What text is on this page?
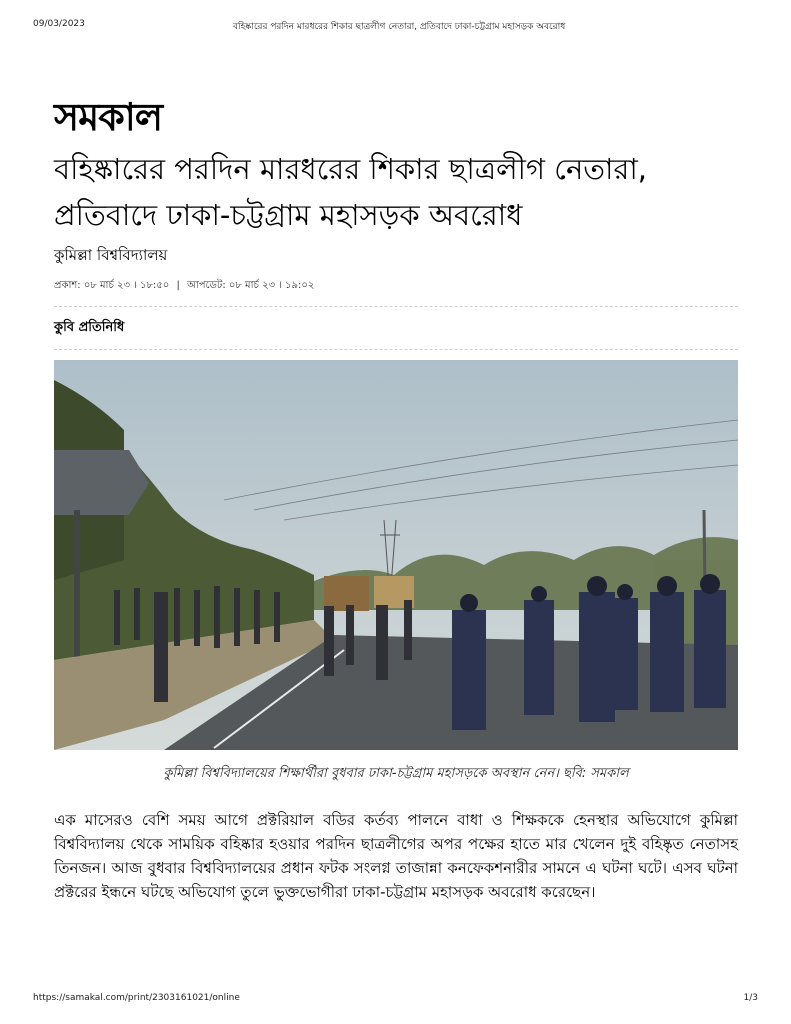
09/03/2023	বহিষ্কারের পরদিন মারধরের শিকার ছাত্রলীগ নেতারা, প্রতিবাদে ঢাকা-চট্টগ্রাম মহাসড়ক অবরোধ
সমকাল
বহিষ্কারের পরদিন মারধরের শিকার ছাত্রলীগ নেতারা,
প্রতিবাদে ঢাকা-চট্টগ্রাম মহাসড়ক অবরোধ
কুমিল্লা বিশ্ববিদ্যালয়
প্রকাশ: ০৮ মার্চ ২৩ । ১৮:৫০ | আপডেট: ০৮ মার্চ ২৩ । ১৯:০২
কুবি প্রতিনিধি
কুমিল্লা বিশ্ববিদ্যালয়ের শিক্ষার্থীরা বুধবার ঢাকা-চট্টগ্রাম মহাসড়কে অবস্থান নেন। ছবি: সমকাল

এক মাসেরও বেশি সময় আগে প্রক্টরিয়াল বডির কর্তব্য পালনে বাধা ও শিক্ষককে হেনস্থার অভিযোগে কুমিল্লা বিশ্ববিদ্যালয় থেকে সাময়িক বহিষ্কার হওয়ার পরদিন ছাত্রলীগের অপর পক্ষের হাতে মার খেলেন দুই বহিষ্কৃত নেতাসহ তিনজন। আজ বুধবার বিশ্ববিদ্যালয়ের প্রধান ফটক সংলগ্ন তাজান্না কনফেকশনারীর সামনে এ ঘটনা ঘটে। এসব ঘটনা প্রক্টরের ইন্ধনে ঘটছে অভিযোগ তুলে ভুক্তভোগীরা ঢাকা-চট্টগ্রাম মহাসড়ক অবরোধ করেছেন।

https://samakal.com/print/2303161021/online	1/3
